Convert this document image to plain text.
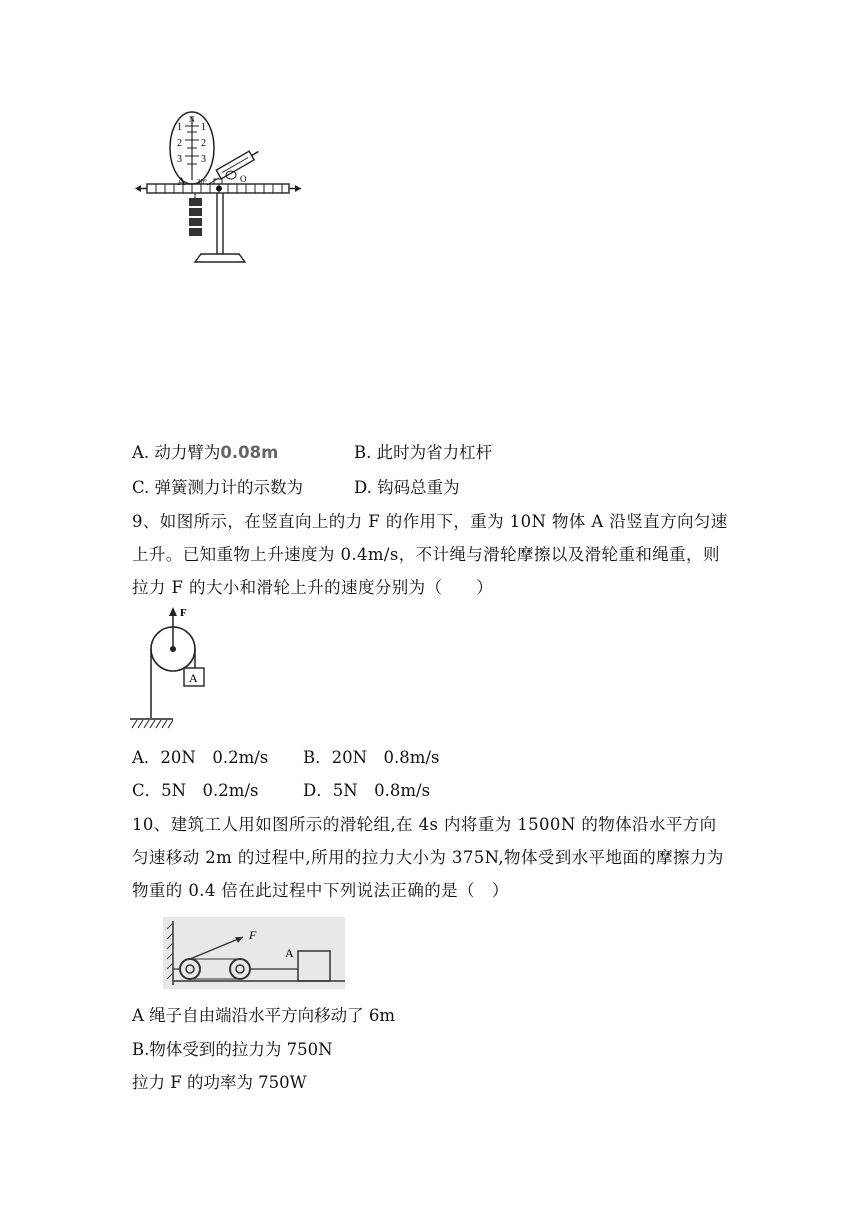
1
2
3
1
2
3
N
O
A 30°
A. 动力臂为0.08m	B. 此时为省力杠杆
C. 弹簧测力计的示数为	D. 钩码总重为
9、如图所示，在竖直向上的力 F 的作用下，重为 10N 物体 A 沿竖直方向匀速上升。已知重物上升速度为 0.4m/s，不计绳与滑轮摩擦以及滑轮重和绳重，则拉力 F 的大小和滑轮上升的速度分别为（　　）
F
A
A．20N　0.2m/s B．20N　0.8m/s
C．5N　0.2m/s	D．5N　0.8m/s
10、建筑工人用如图所示的滑轮组,在 4s 内将重为 1500N 的物体沿水平方向匀速移动 2m 的过程中,所用的拉力大小为 375N,物体受到水平地面的摩擦力为物重的 0.4 倍在此过程中下列说法正确的是（　）
F
A
A 绳子自由端沿水平方向移动了 6m
B.物体受到的拉力为 750N
拉力 F 的功率为 750W
